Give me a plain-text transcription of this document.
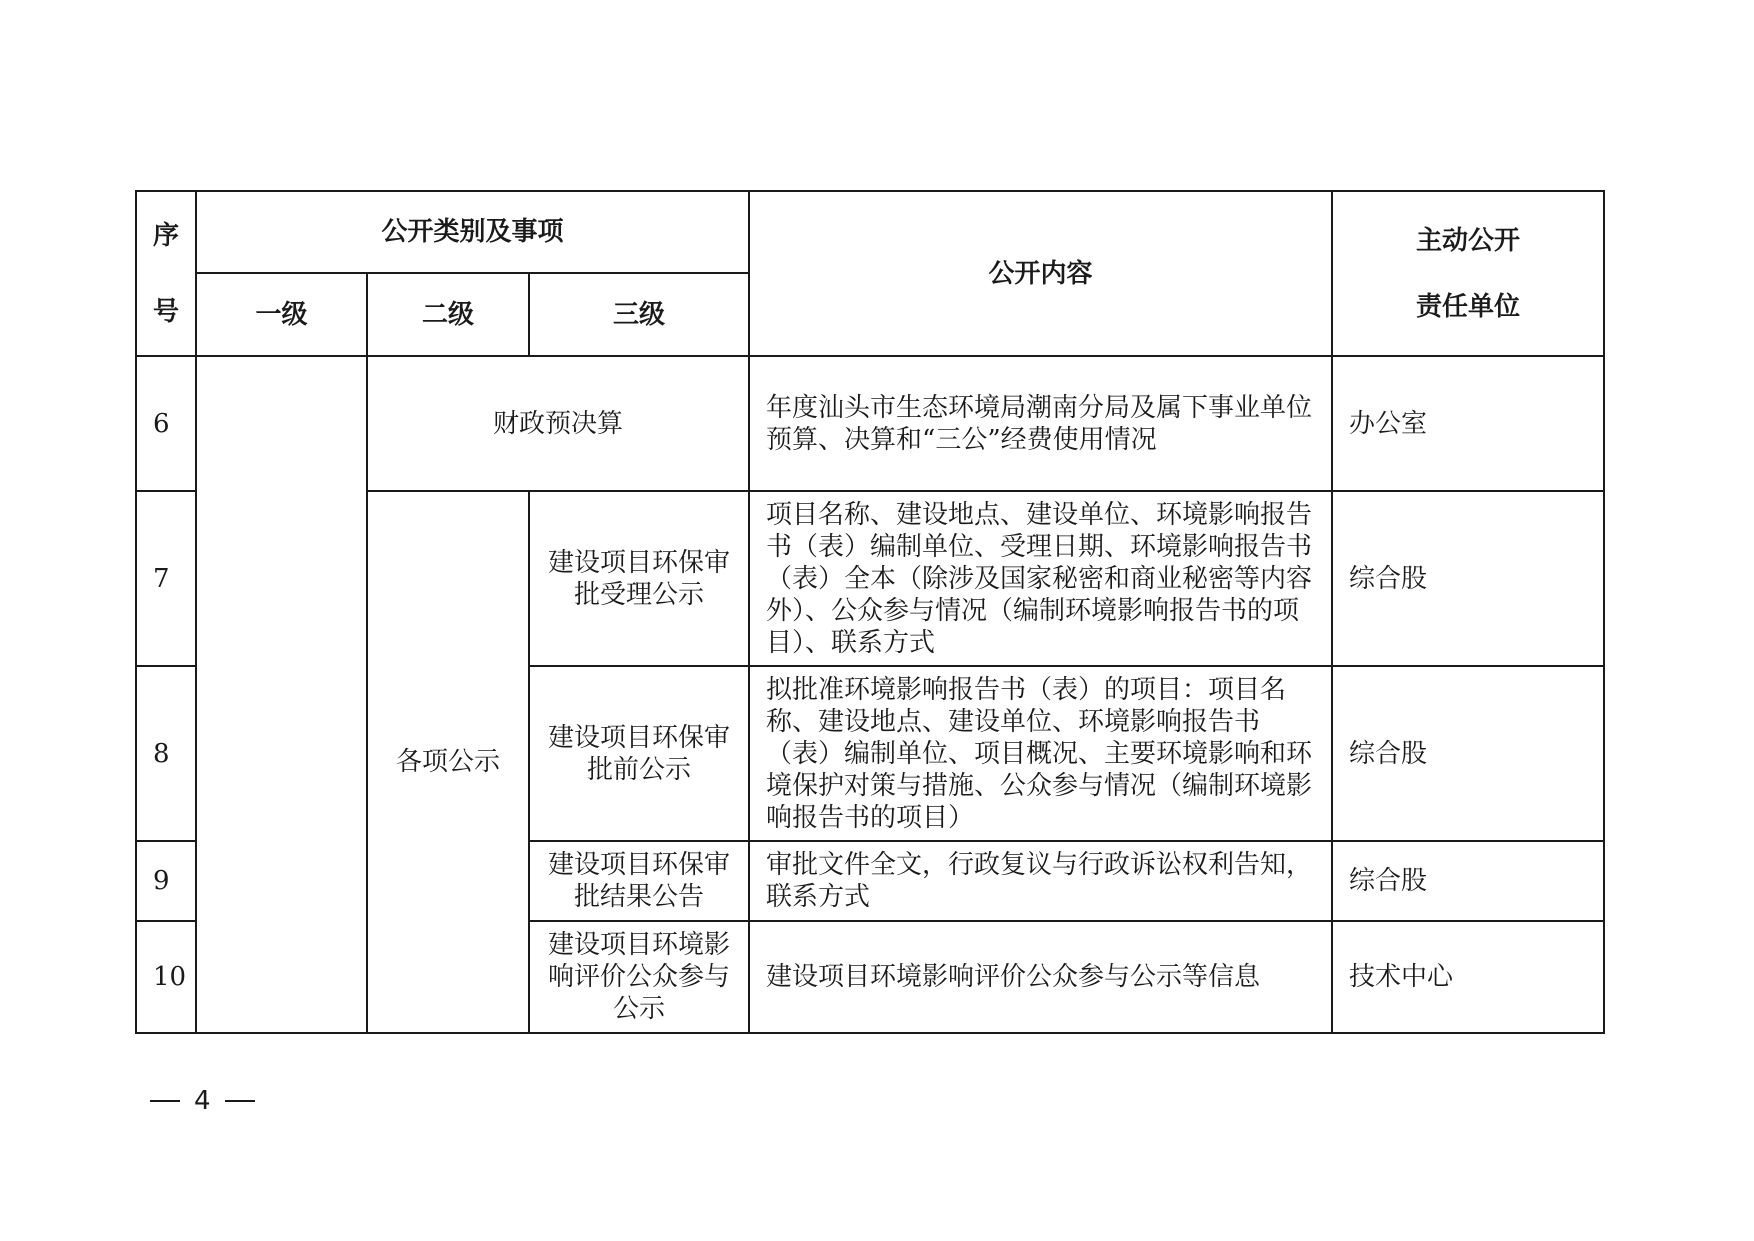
序
号	公开类别及事项			公开内容	主动公开
责任单位

	一级	二级	三级		
6		财政预决算		年度汕头市生态环境局潮南分局及属下事业单位预算、决算和“三公”经费使用情况	办公室
7		各项公示	建设项目环保审批受理公示	项目名称、建设地点、建设单位、环境影响报告书（表）编制单位、受理日期、环境影响报告书（表）全本（除涉及国家秘密和商业秘密等内容外）、公众参与情况（编制环境影响报告书的项目）、联系方式	综合股
8			建设项目环保审批前公示	拟批准环境影响报告书（表）的项目：项目名称、建设地点、建设单位、环境影响报告书（表）编制单位、项目概况、主要环境影响和环境保护对策与措施、公众参与情况（编制环境影响报告书的项目）	综合股
9			建设项目环保审批结果公告	审批文件全文，行政复议与行政诉讼权利告知，联系方式	综合股
10			建设项目环境影响评价公众参与公示	建设项目环境影响评价公众参与公示等信息	技术中心
4
